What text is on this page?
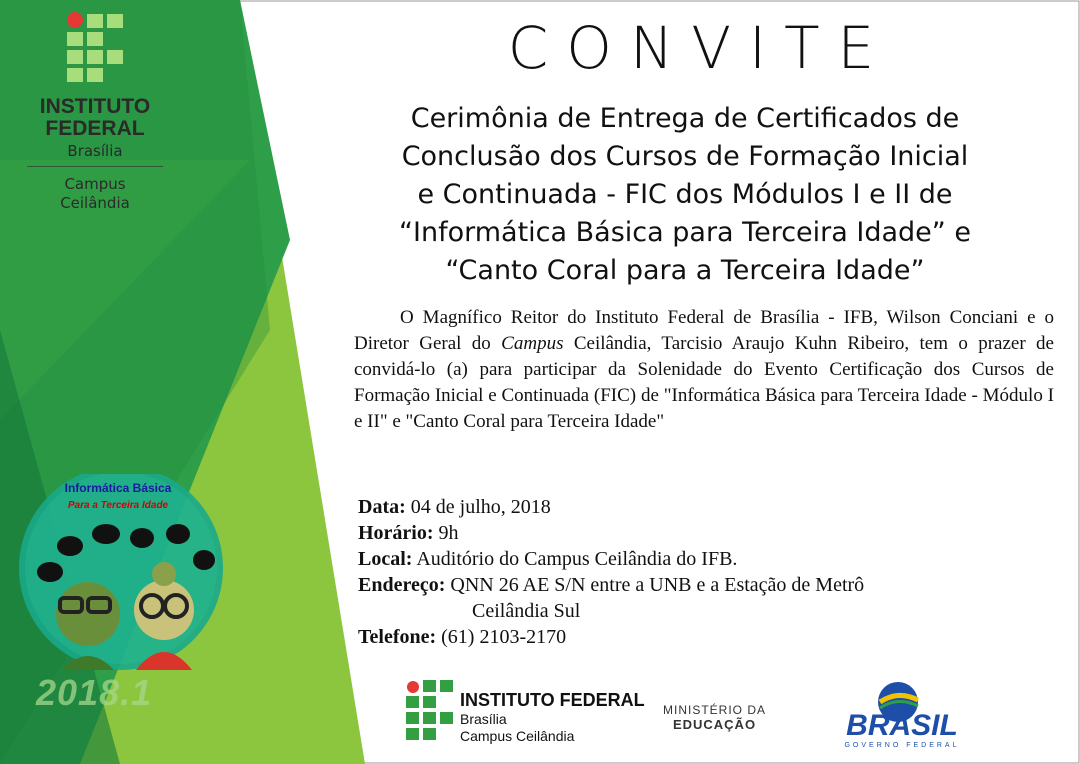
INSTITUTO
FEDERAL
Brasília
Campus
Ceilândia
Informática Básica
Para a Terceira Idade
2018.1
CONVITE
Cerimônia de Entrega de Certificados de
Conclusão dos Cursos de Formação Inicial
e Continuada - FIC dos Módulos I e II de
“Informática Básica para Terceira Idade” e
“Canto Coral para a Terceira Idade”
O Magnífico Reitor do Instituto Federal de Brasília - IFB, Wilson Conciani e o Diretor Geral do Campus Ceilândia, Tarcisio Araujo Kuhn Ribeiro, tem o prazer de convidá-lo (a) para participar da Solenidade do Evento Certificação dos Cursos de Formação Inicial e Continuada (FIC) de "Informática Básica para Terceira Idade - Módulo I e II" e "Canto Coral para Terceira Idade"
Data: 04 de julho, 2018
Horário: 9h
Local: Auditório do Campus Ceilândia do IFB.
Endereço: QNN 26 AE S/N entre a UNB e a Estação de Metrô
Ceilândia Sul
Telefone: (61) 2103-2170
INSTITUTO FEDERAL
Brasília
Campus Ceilândia
MINISTÉRIO DA
EDUCAÇÃO	BRASIL
GOVERNO FEDERAL
